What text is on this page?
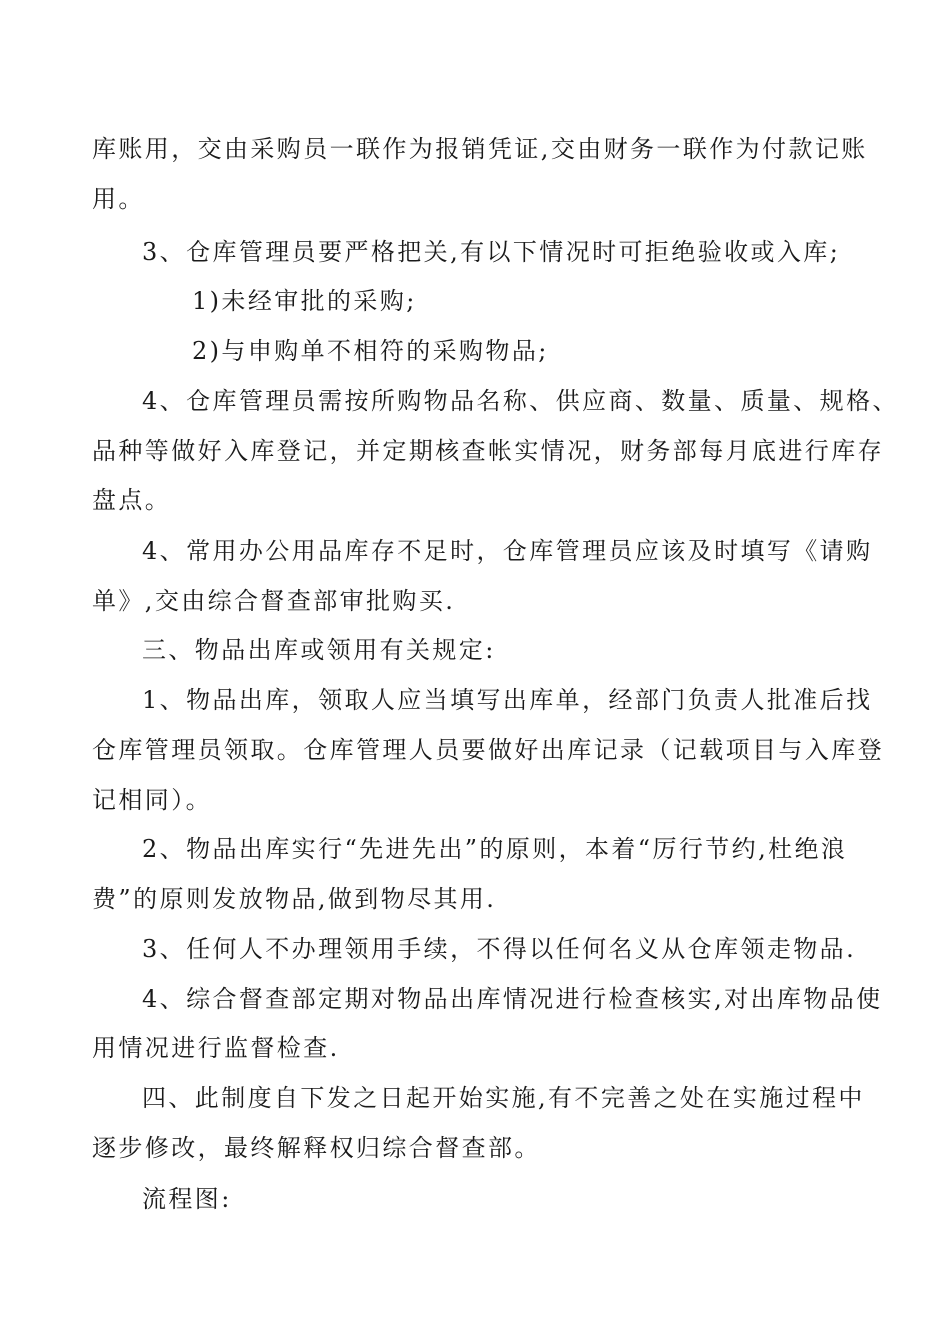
库账用，交由采购员一联作为报销凭证,交由财务一联作为付款记账
用。
3、仓库管理员要严格把关,有以下情况时可拒绝验收或入库;
1)未经审批的采购;
2)与申购单不相符的采购物品;
4、仓库管理员需按所购物品名称、供应商、数量、质量、规格、
品种等做好入库登记，并定期核查帐实情况，财务部每月底进行库存
盘点。
4、常用办公用品库存不足时，仓库管理员应该及时填写《请购
单》,交由综合督查部审批购买.
三、物品出库或领用有关规定:
1、物品出库，领取人应当填写出库单，经部门负责人批准后找
仓库管理员领取。仓库管理人员要做好出库记录（记载项目与入库登
记相同）。
2、物品出库实行“先进先出”的原则，本着“厉行节约,杜绝浪
费”的原则发放物品,做到物尽其用.
3、任何人不办理领用手续，不得以任何名义从仓库领走物品.
4、综合督查部定期对物品出库情况进行检查核实,对出库物品使
用情况进行监督检查.
四、此制度自下发之日起开始实施,有不完善之处在实施过程中
逐步修改，最终解释权归综合督查部。
流程图:
